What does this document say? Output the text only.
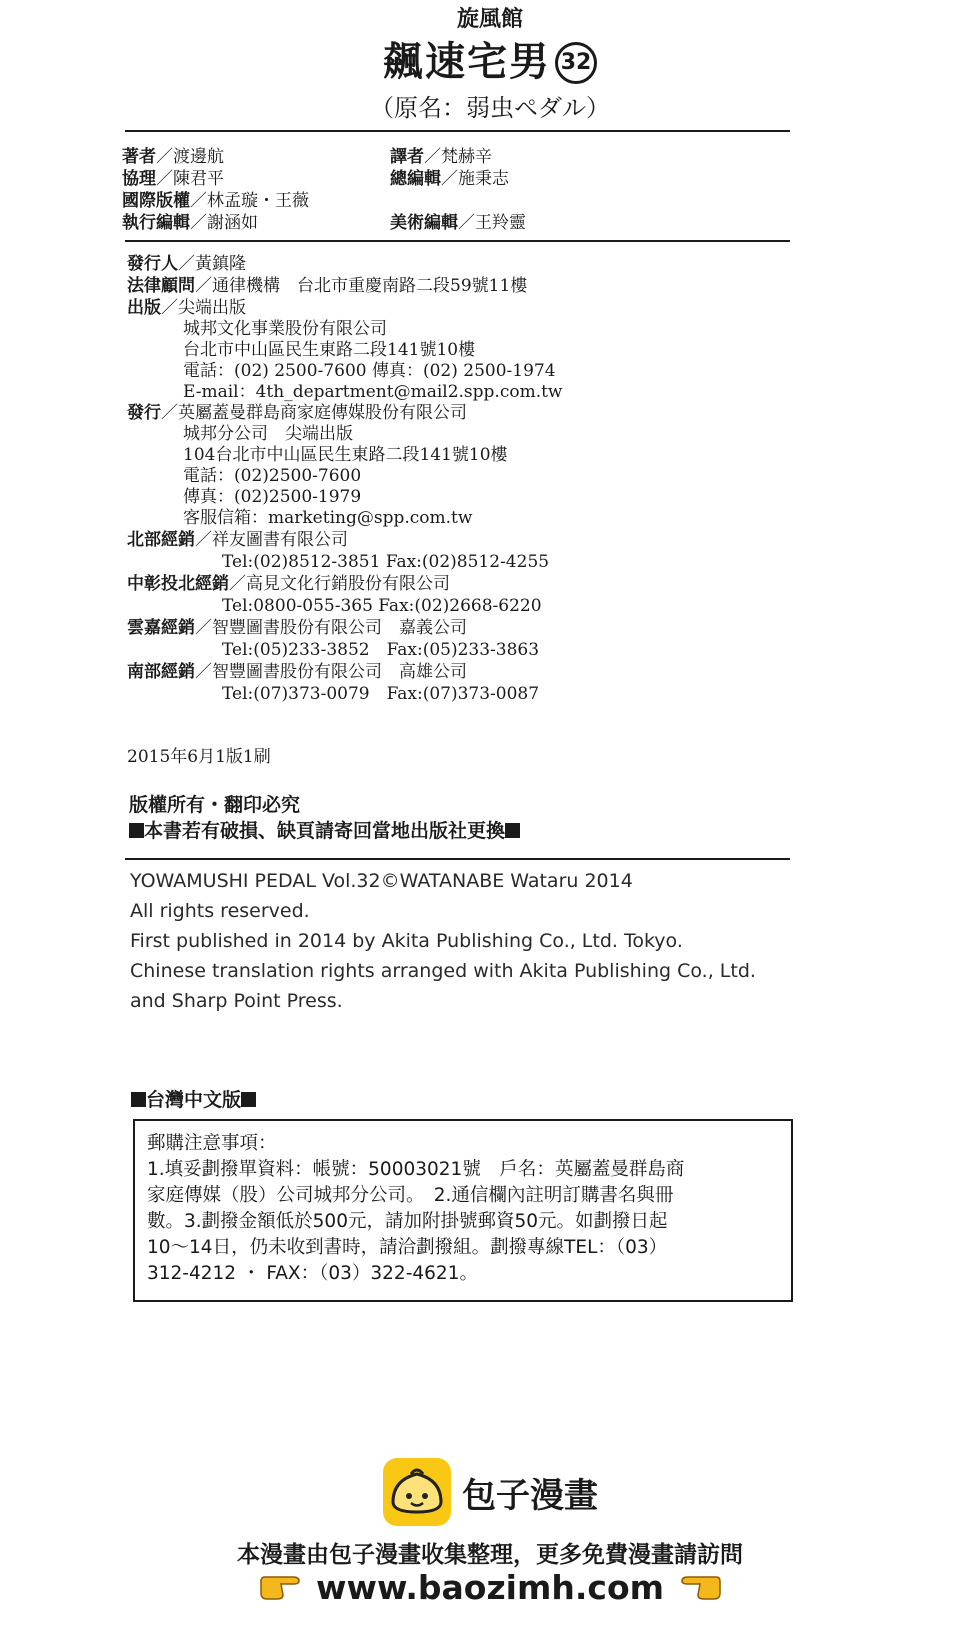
旋風館
飆速宅男 32
（原名：弱虫ペダル）
著者／渡邊航
協理／陳君平
國際版權／林孟璇・王薇
執行編輯／謝涵如
譯者／梵赫辛
總編輯／施秉志
美術編輯／王羚靈
發行人／黃鎮隆
法律顧問／通律機構　台北市重慶南路二段59號11樓
出版／尖端出版
城邦文化事業股份有限公司
台北市中山區民生東路二段141號10樓
電話：(02) 2500-7600 傳真：(02) 2500-1974
E-mail：4th_department@mail2.spp.com.tw
發行／英屬蓋曼群島商家庭傳媒股份有限公司
城邦分公司　尖端出版
104台北市中山區民生東路二段141號10樓
電話：(02)2500-7600
傳真：(02)2500-1979
客服信箱：marketing@spp.com.tw
北部經銷／祥友圖書有限公司
Tel:(02)8512-3851 Fax:(02)8512-4255
中彰投北經銷／高見文化行銷股份有限公司
Tel:0800-055-365 Fax:(02)2668-6220
雲嘉經銷／智豐圖書股份有限公司　嘉義公司
Tel:(05)233-3852　Fax:(05)233-3863
南部經銷／智豐圖書股份有限公司　高雄公司
Tel:(07)373-0079　Fax:(07)373-0087
2015年6月1版1刷
版權所有・翻印必究
本書若有破損、缺頁請寄回當地出版社更換
YOWAMUSHI PEDAL Vol.32©WATANABE Wataru 2014
All rights reserved.
First published in 2014 by Akita Publishing Co., Ltd. Tokyo.
Chinese translation rights arranged with Akita Publishing Co., Ltd.
and Sharp Point Press.
台灣中文版
郵購注意事項：
1.填妥劃撥單資料：帳號：50003021號　戶名：英屬蓋曼群島商
家庭傳媒（股）公司城邦分公司。　2.通信欄內註明訂購書名與冊
數。3.劃撥金額低於500元，請加附掛號郵資50元。如劃撥日起
10～14日，仍未收到書時，請洽劃撥組。劃撥專線TEL：（03）
312-4212 ・ FAX：（03）322-4621。
包子漫畫
本漫畫由包子漫畫收集整理，更多免費漫畫請訪問
www.baozimh.com
